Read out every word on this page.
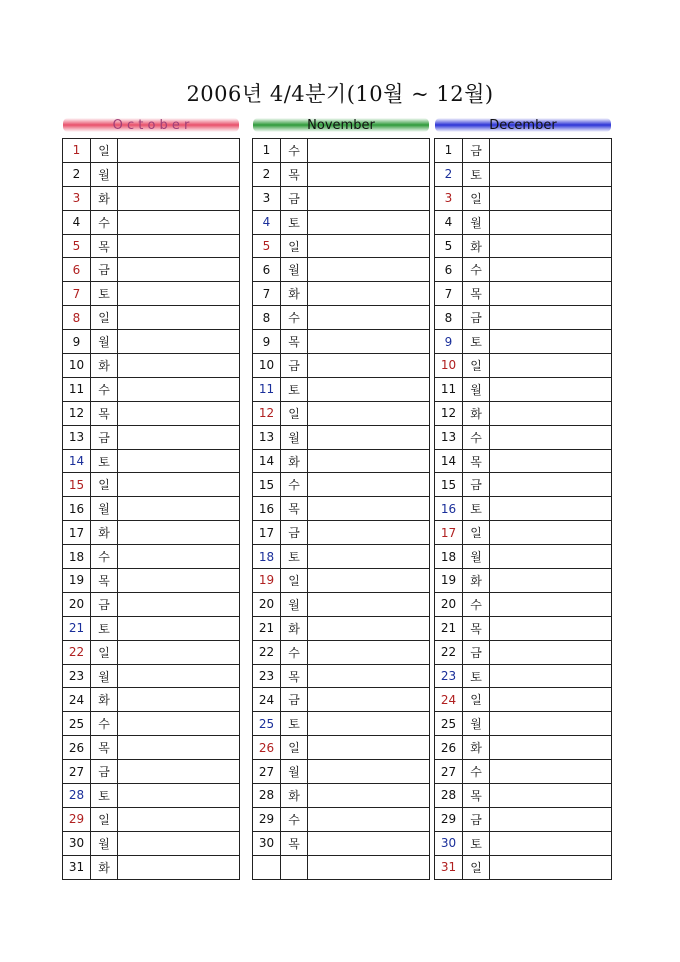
2006년 4/4분기(10월 ~ 12월)
O c t o b e r
1	일	
2	월	
3	화	
4	수	
5	목	
6	금	
7	토	
8	일	
9	월	
10	화	
11	수	
12	목	
13	금	
14	토	
15	일	
16	월	
17	화	
18	수	
19	목	
20	금	
21	토	
22	일	
23	월	
24	화	
25	수	
26	목	
27	금	
28	토	
29	일	
30	월	
31	화	
November
1	수	
2	목	
3	금	
4	토	
5	일	
6	월	
7	화	
8	수	
9	목	
10	금	
11	토	
12	일	
13	월	
14	화	
15	수	
16	목	
17	금	
18	토	
19	일	
20	월	
21	화	
22	수	
23	목	
24	금	
25	토	
26	일	
27	월	
28	화	
29	수	
30	목	

December
1	금	
2	토	
3	일	
4	월	
5	화	
6	수	
7	목	
8	금	
9	토	
10	일	
11	월	
12	화	
13	수	
14	목	
15	금	
16	토	
17	일	
18	월	
19	화	
20	수	
21	목	
22	금	
23	토	
24	일	
25	월	
26	화	
27	수	
28	목	
29	금	
30	토	
31	일	
